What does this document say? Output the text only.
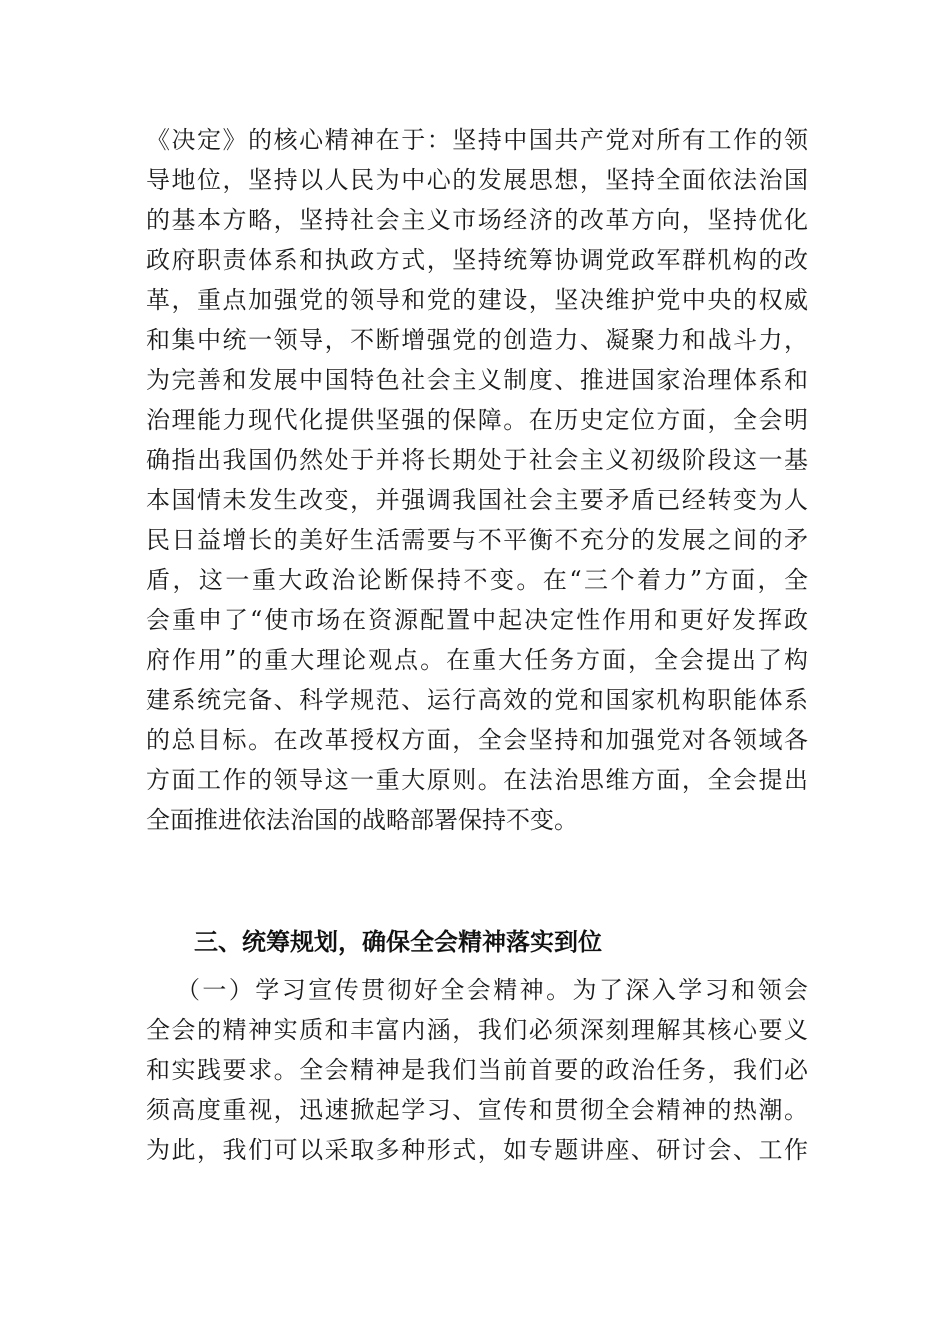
《决定》的核心精神在于：坚持中国共产党对所有工作的领
导地位，坚持以人民为中心的发展思想，坚持全面依法治国
的基本方略，坚持社会主义市场经济的改革方向，坚持优化
政府职责体系和执政方式，坚持统筹协调党政军群机构的改
革，重点加强党的领导和党的建设，坚决维护党中央的权威
和集中统一领导，不断增强党的创造力、凝聚力和战斗力，
为完善和发展中国特色社会主义制度、推进国家治理体系和
治理能力现代化提供坚强的保障。在历史定位方面，全会明
确指出我国仍然处于并将长期处于社会主义初级阶段这一基
本国情未发生改变，并强调我国社会主要矛盾已经转变为人
民日益增长的美好生活需要与不平衡不充分的发展之间的矛
盾，这一重大政治论断保持不变。在“三个着力”方面，全
会重申了“使市场在资源配置中起决定性作用和更好发挥政
府作用”的重大理论观点。在重大任务方面，全会提出了构
建系统完备、科学规范、运行高效的党和国家机构职能体系
的总目标。在改革授权方面，全会坚持和加强党对各领域各
方面工作的领导这一重大原则。在法治思维方面，全会提出
全面推进依法治国的战略部署保持不变。
三、统筹规划，确保全会精神落实到位
（一）学习宣传贯彻好全会精神。为了深入学习和领会
全会的精神实质和丰富内涵，我们必须深刻理解其核心要义
和实践要求。全会精神是我们当前首要的政治任务，我们必
须高度重视，迅速掀起学习、宣传和贯彻全会精神的热潮。
为此，我们可以采取多种形式，如专题讲座、研讨会、工作
